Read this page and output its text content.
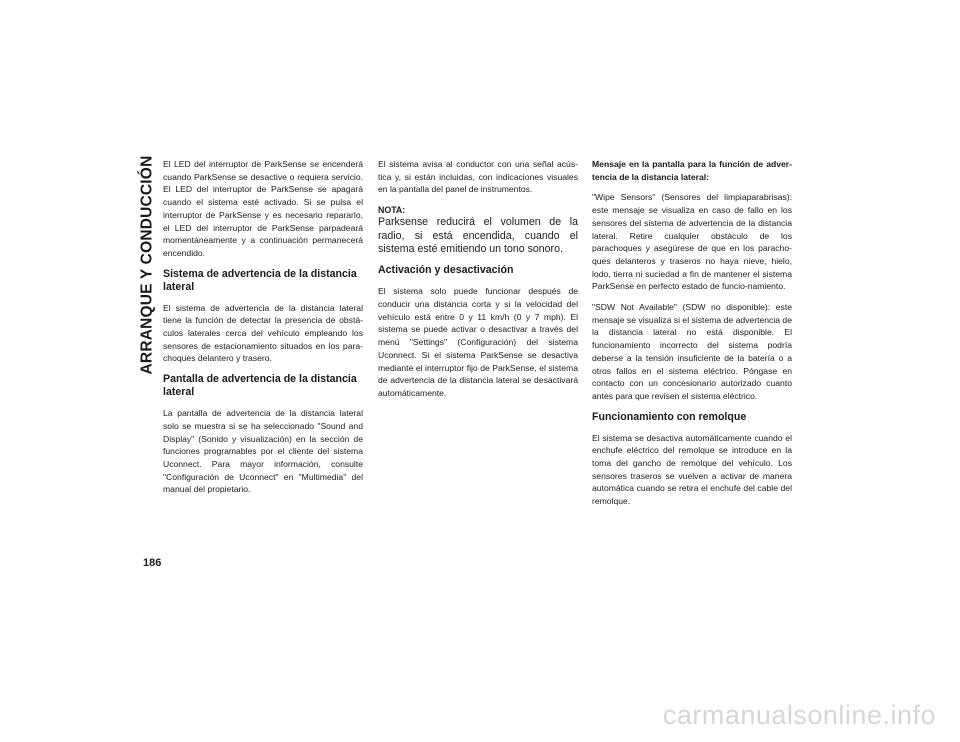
ARRANQUE Y CONDUCCIÓN El LED del interruptor de ParkSense se encenderá cuando ParkSense se desactive o requiera servicio. El LED del interruptor de ParkSense se apagará cuando el sistema esté activado. Si se pulsa el interruptor de ParkSense y es necesario repararlo, el LED del interruptor de ParkSense parpadeará momentáneamente y a continuación permanecerá encendido.

Sistema de advertencia de la distancia lateral

El sistema de advertencia de la distancia lateral tiene la función de detectar la presencia de obstá-culos laterales cerca del vehículo empleando los sensores de estacionamiento situados en los para-choques delantero y trasero.

Pantalla de advertencia de la distancia lateral

La pantalla de advertencia de la distancia lateral solo se muestra si se ha seleccionado "Sound and Display" (Sonido y visualización) en la sección de funciones programables por el cliente del sistema Uconnect. Para mayor información, consulte "Configuración de Uconnect" en "Multimedia" del manual del propietario.

El sistema avisa al conductor con una señal acús-tica y, si están incluidas, con indicaciones visuales en la pantalla del panel de instrumentos.

NOTA:

Parksense reducirá el volumen de la radio, si está encendida, cuando el sistema esté emitiendo un tono sonoro.

Activación y desactivación

El sistema solo puede funcionar después de conducir una distancia corta y si la velocidad del vehículo está entre 0 y 11 km/h (0 y 7 mph). El sistema se puede activar o desactivar a través del menú "Settings" (Configuración) del sistema Uconnect. Si el sistema ParkSense se desactiva mediante el interruptor fijo de ParkSense, el sistema de advertencia de la distancia lateral se desactivará automáticamente.

Mensaje en la pantalla para la función de adver-tencia de la distancia lateral:

"Wipe Sensors" (Sensores del limpiaparabrisas): este mensaje se visualiza en caso de fallo en los sensores del sistema de advertencia de la distancia lateral. Retire cualquier obstáculo de los parachoques y asegúrese de que en los paracho-ques delanteros y traseros no haya nieve, hielo, lodo, tierra ni suciedad a fin de mantener el sistema ParkSense en perfecto estado de funcio-namiento.

"SDW Not Available" (SDW no disponible): este mensaje se visualiza si el sistema de advertencia de la distancia lateral no está disponible. El funcionamiento incorrecto del sistema podría deberse a la tensión insuficiente de la batería o a otros fallos en el sistema eléctrico. Póngase en contacto con un concesionario autorizado cuanto antes para que revisen el sistema eléctrico.

Funcionamiento con remolque

El sistema se desactiva automáticamente cuando el enchufe eléctrico del remolque se introduce en la toma del gancho de remolque del vehículo. Los sensores traseros se vuelven a activar de manera automática cuando se retira el enchufe del cable del remolque.

186
carmanualsonline.info
